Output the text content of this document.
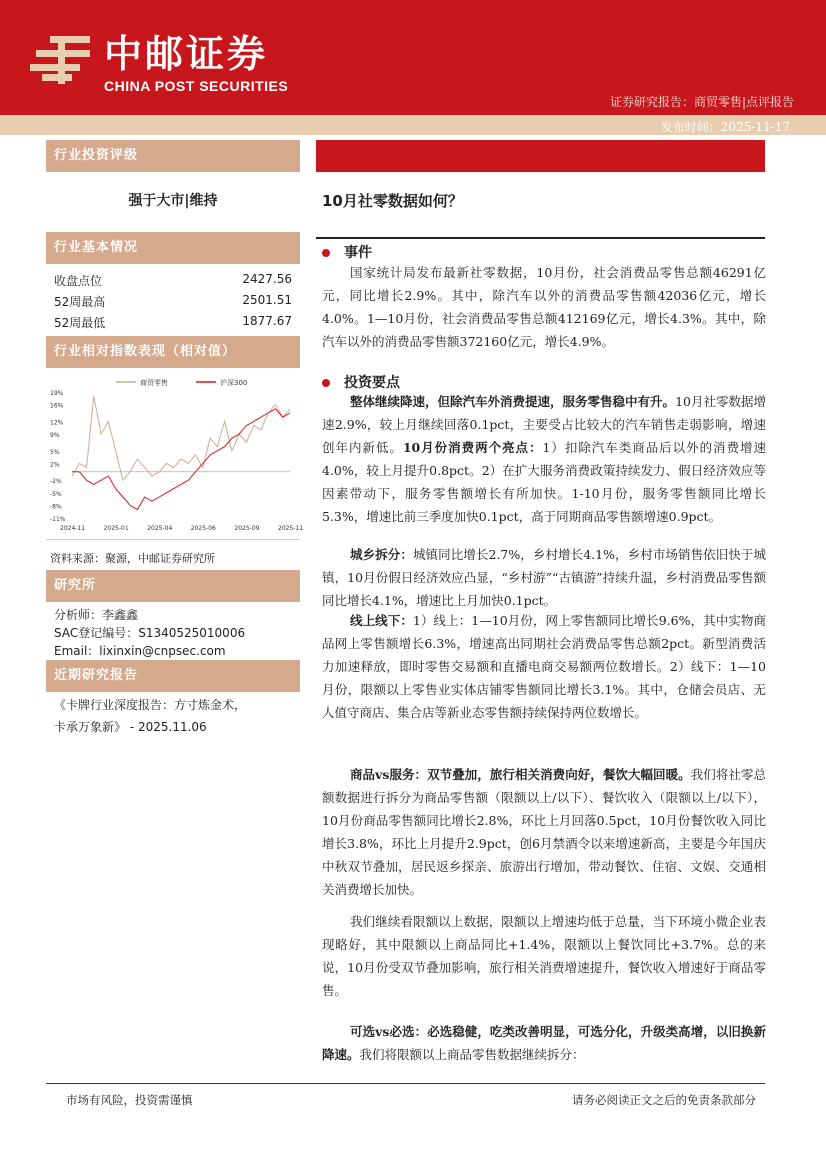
中邮证券
CHINA POST SECURITIES
证券研究报告：商贸零售|点评报告
发布时间：2025-11-17
行业投资评级
强于大市|维持
行业基本情况
收盘点位	2427.56
52周最高	2501.51
52周最低	1877.67
行业相对指数表现（相对值）
19%
16%
12%
9%
5%
2%
-2%
-5%
-8%
-11%
2024-11	2025-01	2025-04	2025-06	2025-09	2025-11
商贸零售	沪深300
资料来源：聚源，中邮证券研究所
研究所
分析师：李鑫鑫
SAC登记编号：S1340525010006
Email：lixinxin@cnpsec.com
近期研究报告
《卡牌行业深度报告：方寸炼金术，
卡承万象新》 - 2025.11.06
10月社零数据如何？
事件
国家统计局发布最新社零数据，10月份，社会消费品零售总额46291亿元，同比增长2.9%。其中，除汽车以外的消费品零售额42036亿元，增长4.0%。1—10月份，社会消费品零售总额412169亿元，增长4.3%。其中，除汽车以外的消费品零售额372160亿元，增长4.9%。
投资要点
整体继续降速，但除汽车外消费提速，服务零售稳中有升。10月社零数据增速2.9%，较上月继续回落0.1pct，主要受占比较大的汽车销售走弱影响，增速创年内新低。10月份消费两个亮点：1）扣除汽车类商品后以外的消费增速4.0%，较上月提升0.8pct。2）在扩大服务消费政策持续发力、假日经济效应等因素带动下，服务零售额增长有所加快。1-10月份，服务零售额同比增长5.3%，增速比前三季度加快0.1pct，高于同期商品零售额增速0.9pct。
城乡拆分：城镇同比增长2.7%，乡村增长4.1%，乡村市场销售依旧快于城镇，10月份假日经济效应凸显，“乡村游”“古镇游”持续升温，乡村消费品零售额同比增长4.1%，增速比上月加快0.1pct。
线上线下：1）线上：1—10月份，网上零售额同比增长9.6%，其中实物商品网上零售额增长6.3%，增速高出同期社会消费品零售总额2pct。新型消费活力加速释放，即时零售交易额和直播电商交易额两位数增长。2）线下：1—10月份，限额以上零售业实体店铺零售额同比增长3.1%。其中，仓储会员店、无人值守商店、集合店等新业态零售额持续保持两位数增长。
商品vs服务：双节叠加，旅行相关消费向好，餐饮大幅回暖。我们将社零总额数据进行拆分为商品零售额（限额以上/以下）、餐饮收入（限额以上/以下），10月份商品零售额同比增长2.8%，环比上月回落0.5pct，10月份餐饮收入同比增长3.8%，环比上月提升2.9pct，创6月禁酒令以来增速新高，主要是今年国庆中秋双节叠加，居民返乡探亲、旅游出行增加，带动餐饮、住宿、文娱、交通相关消费增长加快。
我们继续看限额以上数据，限额以上增速均低于总量，当下环境小微企业表现略好，其中限额以上商品同比+1.4%，限额以上餐饮同比+3.7%。总的来说，10月份受双节叠加影响，旅行相关消费增速提升，餐饮收入增速好于商品零售。
可选vs必选：必选稳健，吃类改善明显，可选分化，升级类高增，以旧换新降速。我们将限额以上商品零售数据继续拆分：
市场有风险，投资需谨慎	请务必阅读正文之后的免责条款部分
